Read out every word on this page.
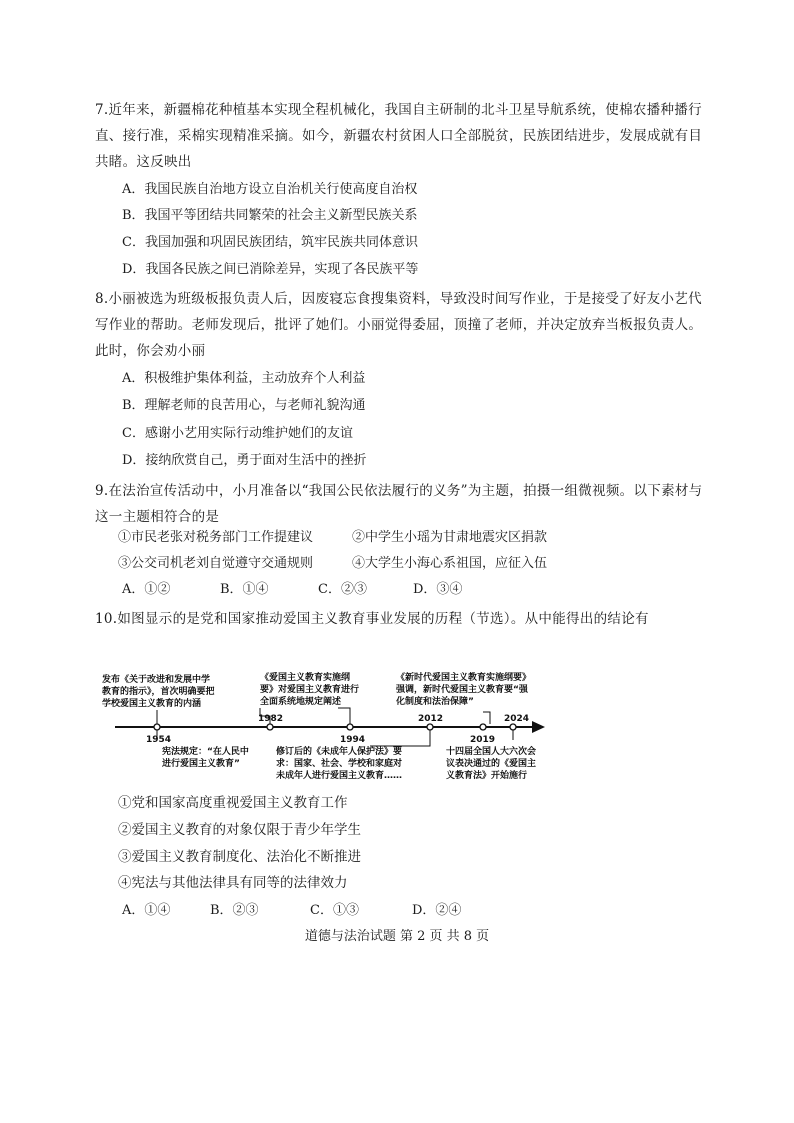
7.近年来，新疆棉花种植基本实现全程机械化，我国自主研制的北斗卫星导航系统，使棉农播种播行直、接行准，采棉实现精准采摘。如今，新疆农村贫困人口全部脱贫，民族团结进步，发展成就有目共睹。这反映出
A．我国民族自治地方设立自治机关行使高度自治权
B．我国平等团结共同繁荣的社会主义新型民族关系
C．我国加强和巩固民族团结，筑牢民族共同体意识
D．我国各民族之间已消除差异，实现了各民族平等
8.小丽被选为班级板报负责人后，因废寝忘食搜集资料，导致没时间写作业，于是接受了好友小艺代写作业的帮助。老师发现后，批评了她们。小丽觉得委屈，顶撞了老师，并决定放弃当板报负责人。此时，你会劝小丽
A．积极维护集体利益，主动放弃个人利益
B．理解老师的良苦用心，与老师礼貌沟通
C．感谢小艺用实际行动维护她们的友谊
D．接纳欣赏自己，勇于面对生活中的挫折
9.在法治宣传活动中，小月准备以“我国公民依法履行的义务”为主题，拍摄一组微视频。以下素材与这一主题相符合的是
①市民老张对税务部门工作提建议	②中学生小瑶为甘肃地震灾区捐款
③公交司机老刘自觉遵守交通规则	④大学生小海心系祖国，应征入伍
A．①②	B．①④	C．②③	D．③④
10.如图显示的是党和国家推动爱国主义教育事业发展的历程（节选）。从中能得出的结论有
1954
1982
1994
2012
2019
2024
发布《关于改进和发展中学
教育的指示》，首次明确要把
学校爱国主义教育的内涵
《爱国主义教育实施纲
要》对爱国主义教育进行
全面系统地规定阐述
《新时代爱国主义教育实施纲要》
强调，新时代爱国主义教育要“强
化制度和法治保障”
宪法规定：“在人民中
进行爱国主义教育”
修订后的《未成年人保护法》要
求：国家、社会、学校和家庭对
未成年人进行爱国主义教育……
十四届全国人大六次会
议表决通过的《爱国主
义教育法》开始施行
①党和国家高度重视爱国主义教育工作
②爱国主义教育的对象仅限于青少年学生
③爱国主义教育制度化、法治化不断推进
④宪法与其他法律具有同等的法律效力
A．①④	B．②③	C．①③	D．②④
道德与法治试题 第 2 页 共 8 页
